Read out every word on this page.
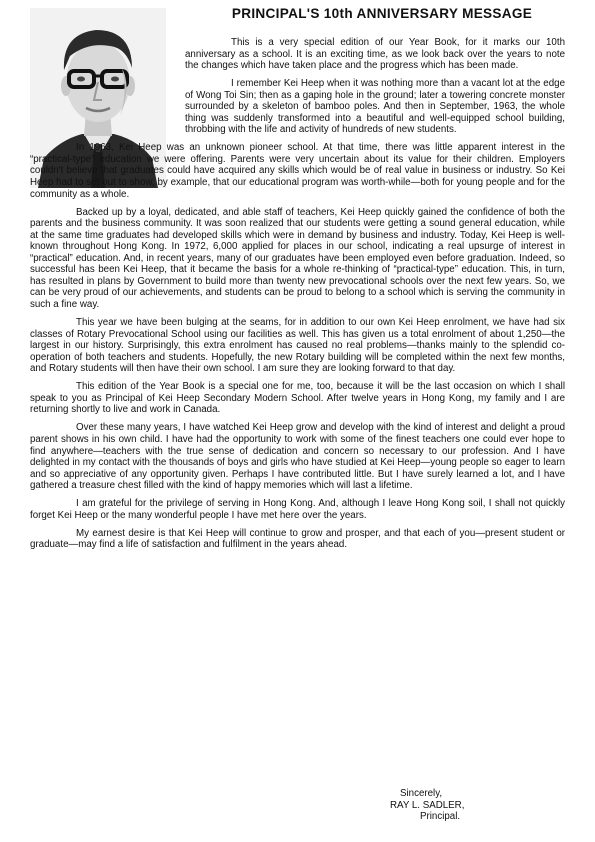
PRINCIPAL'S 10th ANNIVERSARY MESSAGE

This is a very special edition of our Year Book, for it marks our 10th anniversary as a school. It is an exciting time, as we look back over the years to note the changes which have taken place and the progress which has been made.

I remember Kei Heep when it was nothing more than a vacant lot at the edge of Wong Toi Sin; then as a gaping hole in the ground; later a towering concrete monster surrounded by a skeleton of bamboo poles. And then in September, 1963, the whole thing was suddenly transformed into a beautiful and well-equipped school building, throbbing with the life and activity of hundreds of new students.

In 1963, Kei Heep was an unknown pioneer school. At that time, there was little apparent interest in the “practical-type” education we were offering. Parents were very uncertain about its value for their children. Employers couldn't believe that graduates could have acquired any skills which would be of real value in business or industry. So Kei Heep had to set out to show, by example, that our educational program was worth-while—both for young people and for the community as a whole.

Backed up by a loyal, dedicated, and able staff of teachers, Kei Heep quickly gained the confidence of both the parents and the business community. It was soon realized that our students were getting a sound general education, while at the same time graduates had developed skills which were in demand by business and industry. Today, Kei Heep is well-known throughout Hong Kong. In 1972, 6,000 applied for places in our school, indicating a real upsurge of interest in “practical” education. And, in recent years, many of our graduates have been employed even before graduation. Indeed, so successful has been Kei Heep, that it became the basis for a whole re-thinking of “practical-type” education. This, in turn, has resulted in plans by Government to build more than twenty new prevocational schools over the next few years. So, we can be very proud of our achievements, and students can be proud to belong to a school which is serving the community in such a fine way.

This year we have been bulging at the seams, for in addition to our own Kei Heep enrolment, we have had six classes of Rotary Prevocational School using our facilities as well. This has given us a total enrolment of about 1,250—the largest in our history. Surprisingly, this extra enrolment has caused no real problems—thanks mainly to the splendid co-operation of both teachers and students. Hopefully, the new Rotary building will be completed within the next few months, and Rotary students will then have their own school. I am sure they are looking forward to that day.

This edition of the Year Book is a special one for me, too, because it will be the last occasion on which I shall speak to you as Principal of Kei Heep Secondary Modern School. After twelve years in Hong Kong, my family and I are returning shortly to live and work in Canada.

Over these many years, I have watched Kei Heep grow and develop with the kind of interest and delight a proud parent shows in his own child. I have had the opportunity to work with some of the finest teachers one could ever hope to find anywhere—teachers with the true sense of dedication and concern so necessary to our profession. And I have delighted in my contact with the thousands of boys and girls who have studied at Kei Heep—young people so eager to learn and so appreciative of any opportunity given. Perhaps I have contributed little. But I have surely learned a lot, and I have gathered a treasure chest filled with the kind of happy memories which will last a lifetime.

I am grateful for the privilege of serving in Hong Kong. And, although I leave Hong Kong soil, I shall not quickly forget Kei Heep or the many wonderful people I have met here over the years.

My earnest desire is that Kei Heep will continue to grow and prosper, and that each of you—present student or graduate—may find a life of satisfaction and fulfilment in the years ahead.

Sincerely,
RAY L. SADLER,
Principal.
